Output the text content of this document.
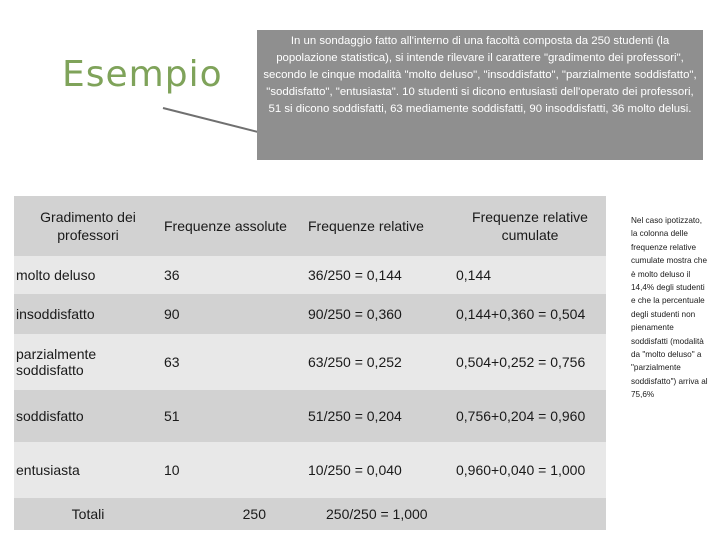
Esempio
In un sondaggio fatto all'interno di una facoltà composta da 250 studenti (la popolazione statistica), si intende rilevare il carattere "gradimento dei professori", secondo le cinque modalità "molto deluso", "insoddisfatto", "parzialmente soddisfatto", "soddisfatto", "entusiasta". 10 studenti si dicono entusiasti dell'operato dei professori, 51 si dicono soddisfatti, 63 mediamente soddisfatti, 90 insoddisfatti, 36 molto delusi.
Gradimento dei professori	Frequenze assolute	Frequenze relative	Frequenze relative cumulate
molto deluso	36	36/250 = 0,144	0,144
insoddisfatto	90	90/250 = 0,360	0,144+0,360 = 0,504
parzialmente soddisfatto	63	63/250 = 0,252	0,504+0,252 = 0,756
soddisfatto	51	51/250 = 0,204	0,756+0,204 = 0,960
entusiasta	10	10/250 = 0,040	0,960+0,040 = 1,000
Totali	250	250/250 = 1,000	
Nel caso ipotizzato, la colonna delle frequenze relative cumulate mostra che è molto deluso il 14,4% degli studenti e che la percentuale degli studenti non pienamente soddisfatti (modalità da "molto deluso" a "parzialmente soddisfatto") arriva al 75,6%
